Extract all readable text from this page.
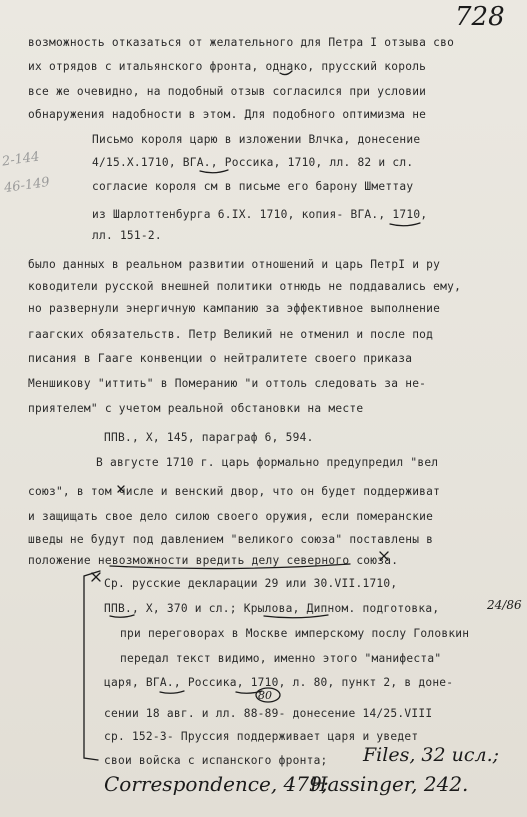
728
2-144
46-149
возможность отказаться от желательного для Петра I отзыва сво
их отрядов с итальянского фронта, однако, прусский король
все же очевидно, на подобный отзыв согласился при условии
обнаружения надобности в этом. Для подобного оптимизма не
Письмо короля царю в изложении Влчка, донесение
4/15.X.1710, ВГА., Россика, 1710, лл. 82 и сл.
согласие короля см в письме его барону Шметтау
из Шарлоттенбурга 6.IX. 1710, копия- ВГА., 1710,
лл. 151-2.
было данных в реальном развитии отношений и царь ПетрI и ру
ководители русской внешней политики отнюдь не поддавались ему,
но развернули энергичную кампанию за эффективное выполнение
гаагских обязательств. Петр Великий не отменил и после под
писания в Гааге конвенции о нейтралитете своего приказа
Меншикову "иттить" в Померанию "и оттоль следовать за не-
приятелем" с учетом реальной обстановки на месте
ППВ., X, 145, параграф 6, 594.
В августе 1710 г. царь формально предупредил "вел
союз", в том числе и венский двор, что он будет поддерживат
и защищать свое дело силою своего оружия, если померанские
шведы не будут под давлением "великого союза" поставлены в
положение невозможности вредить делу северного союза.
Ср. русские декларации 29 или 30.VII.1710,
ППВ., X, 370 и сл.; Крылова, Дипном. подготовка,
при переговорах в Москве имперскому послу Головкин
передал текст видимо, именно этого "манифеста"
царя, ВГА., Россика, 1710, л. 80, пункт 2, в доне-
сении 18 авг. и лл. 88-89- донесение 14/25.VIII
ср. 152-3- Пруссия поддерживает царя и уведет
свои войска с испанского фронта;
24/86
80
Files, 32 исл.;
Correspondence, 479;
Hassinger, 242.
